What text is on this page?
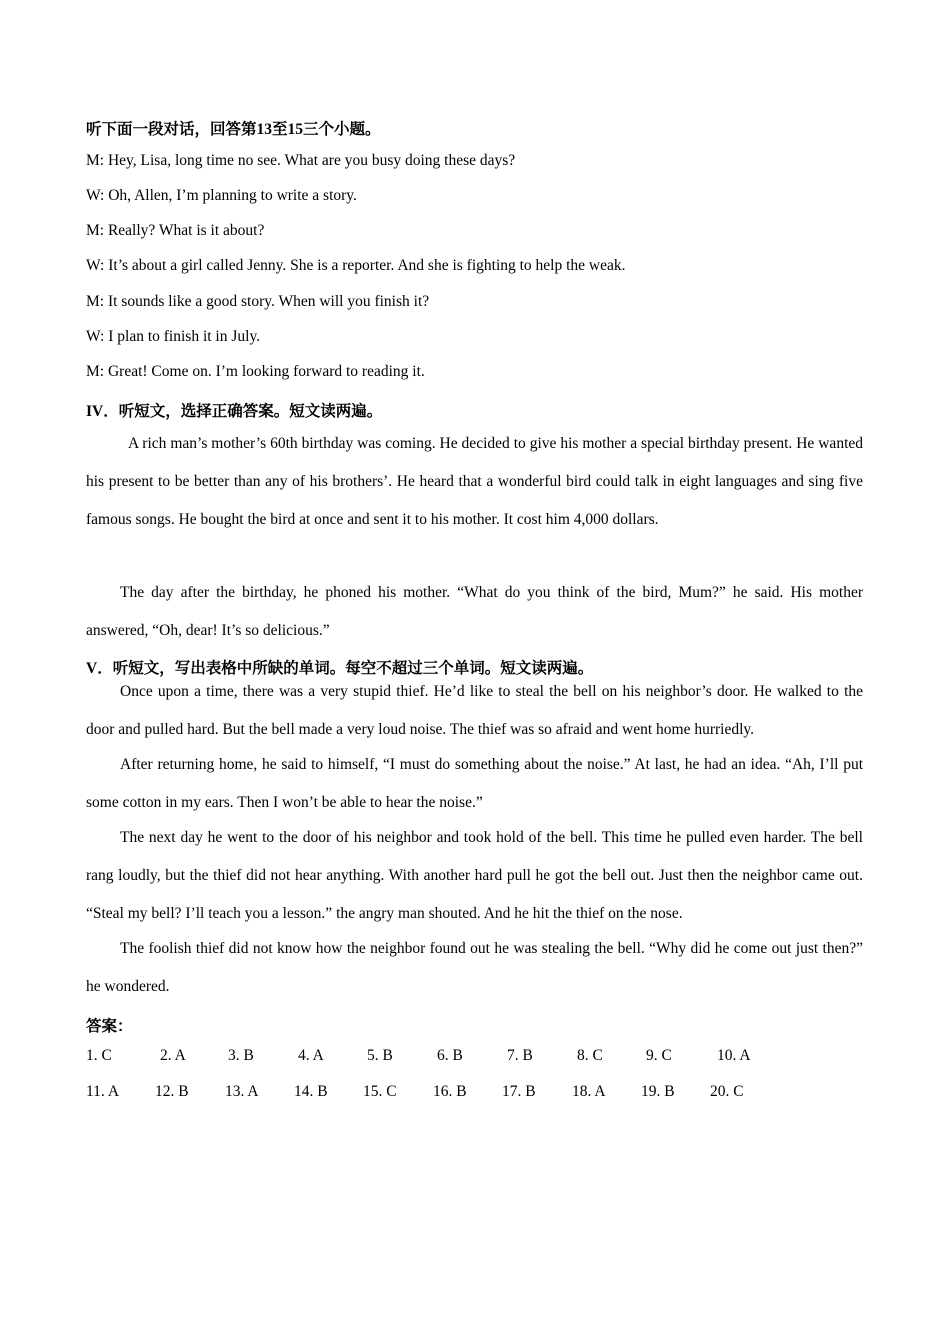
听下面一段对话，回答第13至15三个小题。
M: Hey, Lisa, long time no see. What are you busy doing these days?
W: Oh, Allen, I’m planning to write a story.
M: Really? What is it about?
W: It’s about a girl called Jenny. She is a reporter. And she is fighting to help the weak.
M: It sounds like a good story. When will you finish it?
W: I plan to finish it in July.
M: Great! Come on. I’m looking forward to reading it.
IV．听短文，选择正确答案。短文读两遍。

A rich man’s mother’s 60th birthday was coming. He decided to give his mother a special birthday present. He wanted his present to be better than any of his brothers’. He heard that a wonderful bird could talk in eight languages and sing five famous songs. He bought the bird at once and sent it to his mother. It cost him 4,000 dollars.

The day after the birthday, he phoned his mother. “What do you think of the bird, Mum?” he said. His mother answered, “Oh, dear! It’s so delicious.”

V．听短文，写出表格中所缺的单词。每空不超过三个单词。短文读两遍。

Once upon a time, there was a very stupid thief. He’d like to steal the bell on his neighbor’s door. He walked to the door and pulled hard. But the bell made a very loud noise. The thief was so afraid and went home hurriedly.

After returning home, he said to himself, “I must do something about the noise.” At last, he had an idea. “Ah, I’ll put some cotton in my ears. Then I won’t be able to hear the noise.”

The next day he went to the door of his neighbor and took hold of the bell. This time he pulled even harder. The bell rang loudly, but the thief did not hear anything. With another hard pull he got the bell out. Just then the neighbor came out. “Steal my bell? I’ll teach you a lesson.” the angry man shouted. And he hit the thief on the nose.

The foolish thief did not know how the neighbor found out he was stealing the bell. “Why did he come out just then?” he wondered.

答案：
1. C	2. A	3. B	4. A	5. B	6. B	7. B	8. C	9. C	10. A
11. A 12. B 13. A 14. B 15. C 16. B 17. B 18. A 19. B 20. C
